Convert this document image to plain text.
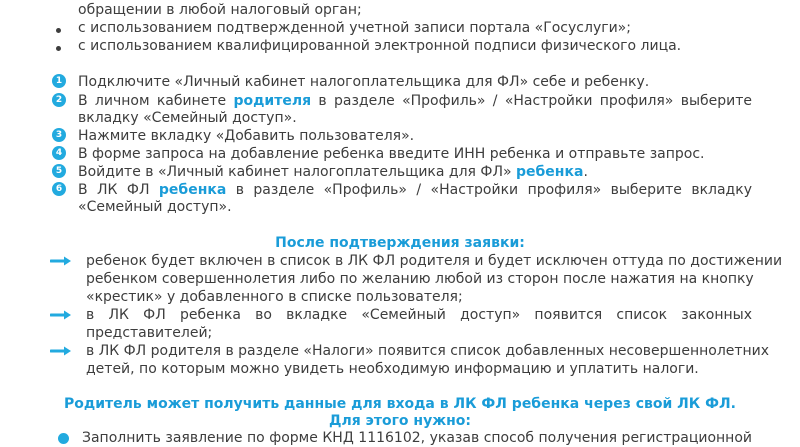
обращении в любой налоговый орган;
с использованием подтвержденной учетной записи портала «Госуслуги»;
с использованием квалифицированной электронной подписи физического лица.
1 Подключите «Личный кабинет налогоплательщика для ФЛ» себе и ребенку.
2 В личном кабинете родителя в разделе «Профиль» / «Настройки профиля» выберите
вкладку «Семейный доступ».
3 Нажмите вкладку «Добавить пользователя».
4 В форме запроса на добавление ребенка введите ИНН ребенка и отправьте запрос.
5 Войдите в «Личный кабинет налогоплательщика для ФЛ» ребенка.
6 В ЛК ФЛ ребенка в разделе «Профиль» / «Настройки профиля» выберите вкладку
«Семейный доступ».
После подтверждения заявки:
ребенок будет включен в список в ЛК ФЛ родителя и будет исключен оттуда по достижении
ребенком совершеннолетия либо по желанию любой из сторон после нажатия на кнопку
«крестик» у добавленного в списке пользователя;
в ЛК ФЛ ребенка во вкладке «Семейный доступ» появится список законных
представителей;
в ЛК ФЛ родителя в разделе «Налоги» появится список добавленных несовершеннолетних
детей, по которым можно увидеть необходимую информацию и уплатить налоги.
Родитель может получить данные для входа в ЛК ФЛ ребенка через свой ЛК ФЛ.
Для этого нужно:
Заполнить заявление по форме КНД 1116102, указав способ получения регистрационной
